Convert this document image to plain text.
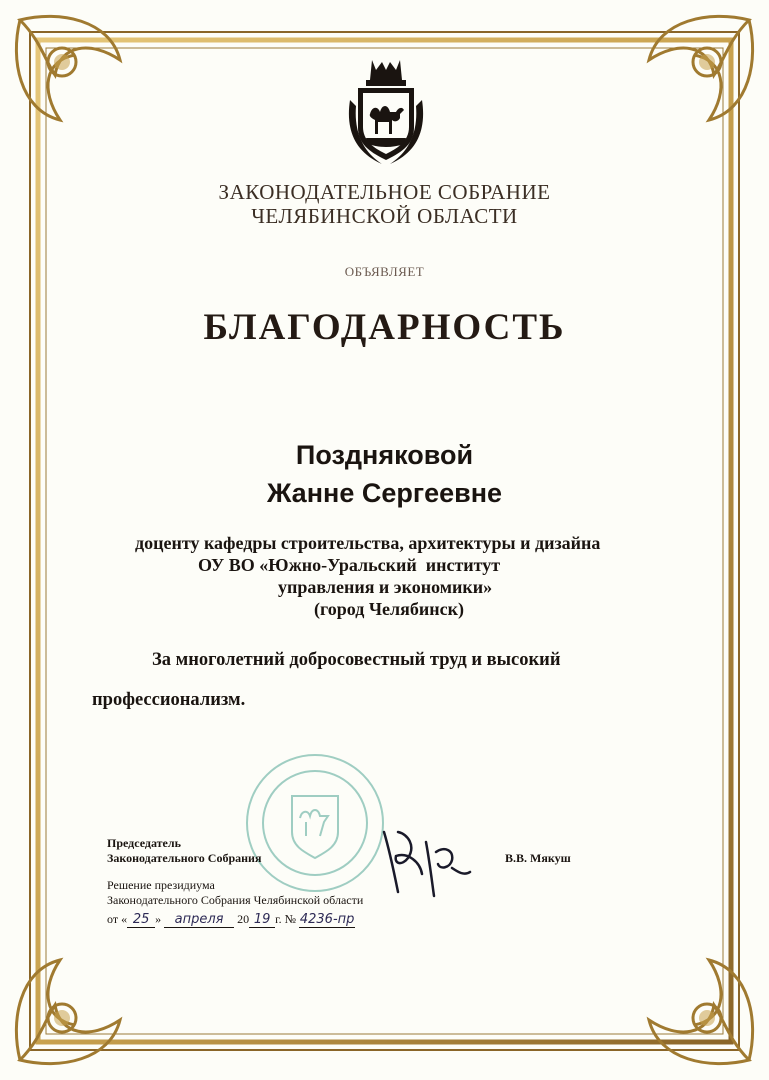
ЗАКОНОДАТЕЛЬНОЕ СОБРАНИЕ
ЧЕЛЯБИНСКОЙ ОБЛАСТИ
ОБЪЯВЛЯЕТ
БЛАГОДАРНОСТЬ
Поздняковой
Жанне Сергеевне
доценту кафедры строительства, архитектуры и дизайна
ОУ ВО «Южно-Уральский  институт
управления и экономики»
(город Челябинск)
За многолетний добросовестный труд и высокий
профессионализм.
Председатель
Законодательного Собрания	В.В. Мякуш
Решение президиума
Законодательного Собрания Челябинской области
от « 25 » апреля 20 19 г. № 4236-пр
